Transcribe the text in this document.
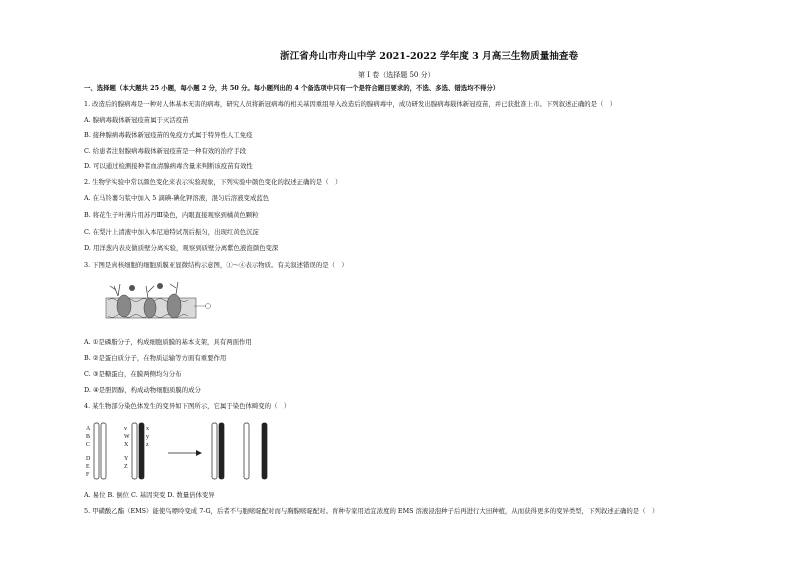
浙江省舟山市舟山中学 2021-2022 学年度 3 月高三生物质量抽查卷
第 I 卷（选择题 50 分）
一、选择题（本大题共 25 小题，每小题 2 分，共 50 分。每小题列出的 4 个备选项中只有一个是符合题目要求的，不选、多选、错选均不得分）
1. 改造后的腺病毒是一种对人体基本无害的病毒，研究人员将新冠病毒的相关基因重组导入改造后的腺病毒中，成功研发出腺病毒载体新冠疫苗，并已获批准上市。下列叙述正确的是（　）
A. 腺病毒载体新冠疫苗属于灭活疫苗
B. 接种腺病毒载体新冠疫苗的免疫方式属于特异性人工免疫
C. 给患者注射腺病毒载体新冠疫苗是一种有效的治疗手段
D. 可以通过检测接种者血清腺病毒含量来判断该疫苗有效性
2. 生物学实验中常以颜色变化来表示实验现象，下列实验中颜色变化的叙述正确的是（　）
A. 在马铃薯匀浆中加入 5 滴碘-碘化钾溶液，混匀后溶液变成蓝色
B. 将花生子叶薄片用苏丹Ⅲ染色，内眼直接观察到橘黄色颗粒
C. 在梨汁上清液中加入本尼迪特试剂后振匀，出现红黄色沉淀
D. 用洋葱内表皮做质壁分离实验，观察到质壁分离紫色液泡颜色变深
3. 下图是真核细胞的细胞质膜亚显微结构示意图，①～④表示物质。有关叙述错误的是（　）
A. ①是磷脂分子，构成细胞质膜的基本支架，具有两面作用
B. ②是蛋白质分子，在物质运输等方面有重要作用
C. ③是糖蛋白，在膜两侧均匀分布
D. ④是胆固醇，构成动物细胞质膜的成分
4. 某生物部分染色体发生的变异如下图所示，它属于染色体畸变的（　）
A
B
C
D
E
F
v
W
X
Y
Z
x
y
z
A. 易位 B. 倒位 C. 基因突变 D. 数量倍体变异
5. 甲磺酸乙酯（EMS）能使鸟嘌呤变成 7-G，后者不与胞嘧啶配对而与胸腺嘧啶配对。育种专家用适宜浓度的 EMS 溶液浸泡种子后再进行大田种植，从而获得更多的变异类型，下列叙述正确的是（　）
